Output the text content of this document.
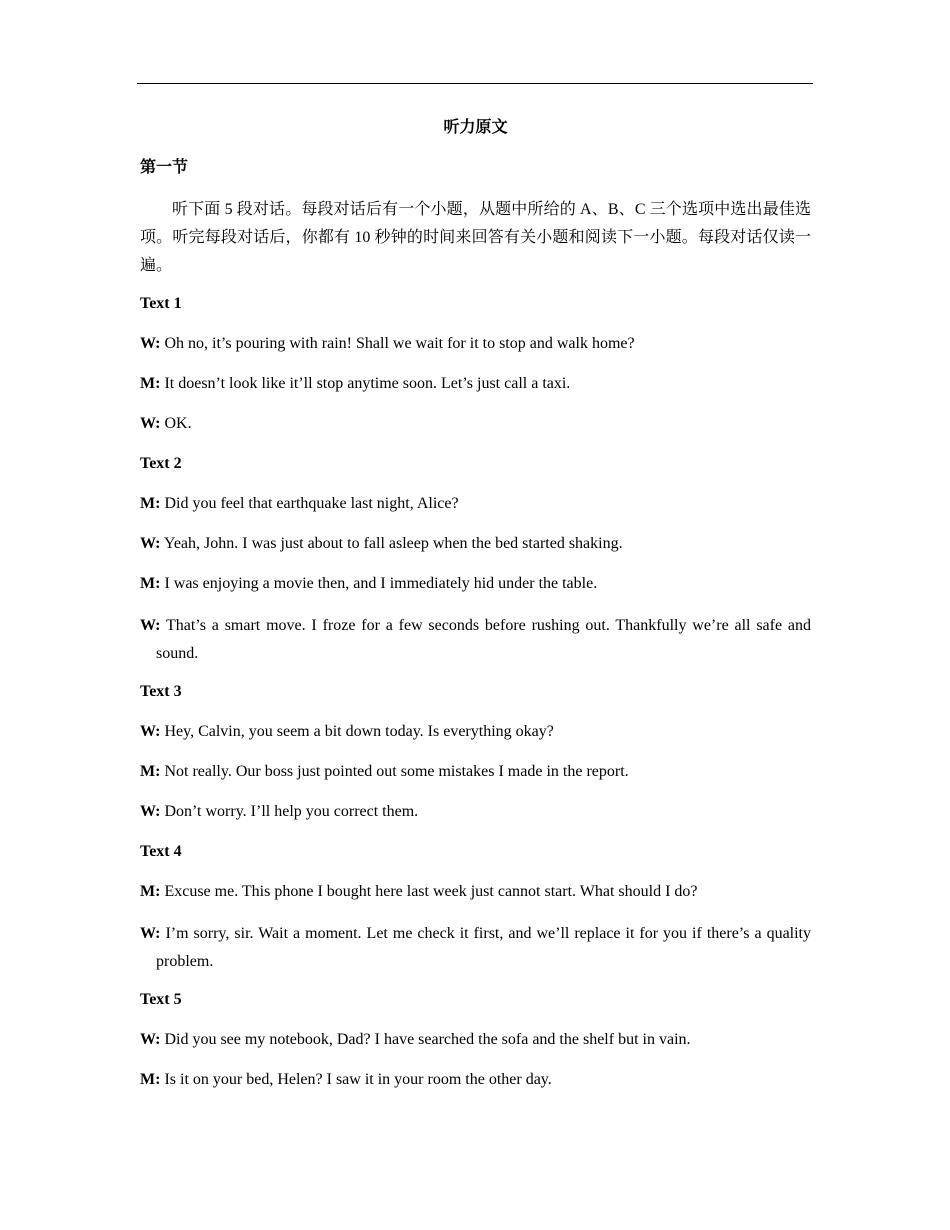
听力原文
第一节
听下面 5 段对话。每段对话后有一个小题，从题中所给的 A、B、C 三个选项中选出最佳选项。听完每段对话后，你都有 10 秒钟的时间来回答有关小题和阅读下一小题。每段对话仅读一遍。
Text 1
W: Oh no, it’s pouring with rain! Shall we wait for it to stop and walk home?
M: It doesn’t look like it’ll stop anytime soon. Let’s just call a taxi.
W: OK.
Text 2
M: Did you feel that earthquake last night, Alice?
W: Yeah, John. I was just about to fall asleep when the bed started shaking.
M: I was enjoying a movie then, and I immediately hid under the table.
W: That’s a smart move. I froze for a few seconds before rushing out. Thankfully we’re all safe and sound.
Text 3
W: Hey, Calvin, you seem a bit down today. Is everything okay?
M: Not really. Our boss just pointed out some mistakes I made in the report.
W: Don’t worry. I’ll help you correct them.
Text 4
M: Excuse me. This phone I bought here last week just cannot start. What should I do?
W: I’m sorry, sir. Wait a moment. Let me check it first, and we’ll replace it for you if there’s a quality problem.
Text 5
W: Did you see my notebook, Dad? I have searched the sofa and the shelf but in vain.
M: Is it on your bed, Helen? I saw it in your room the other day.
